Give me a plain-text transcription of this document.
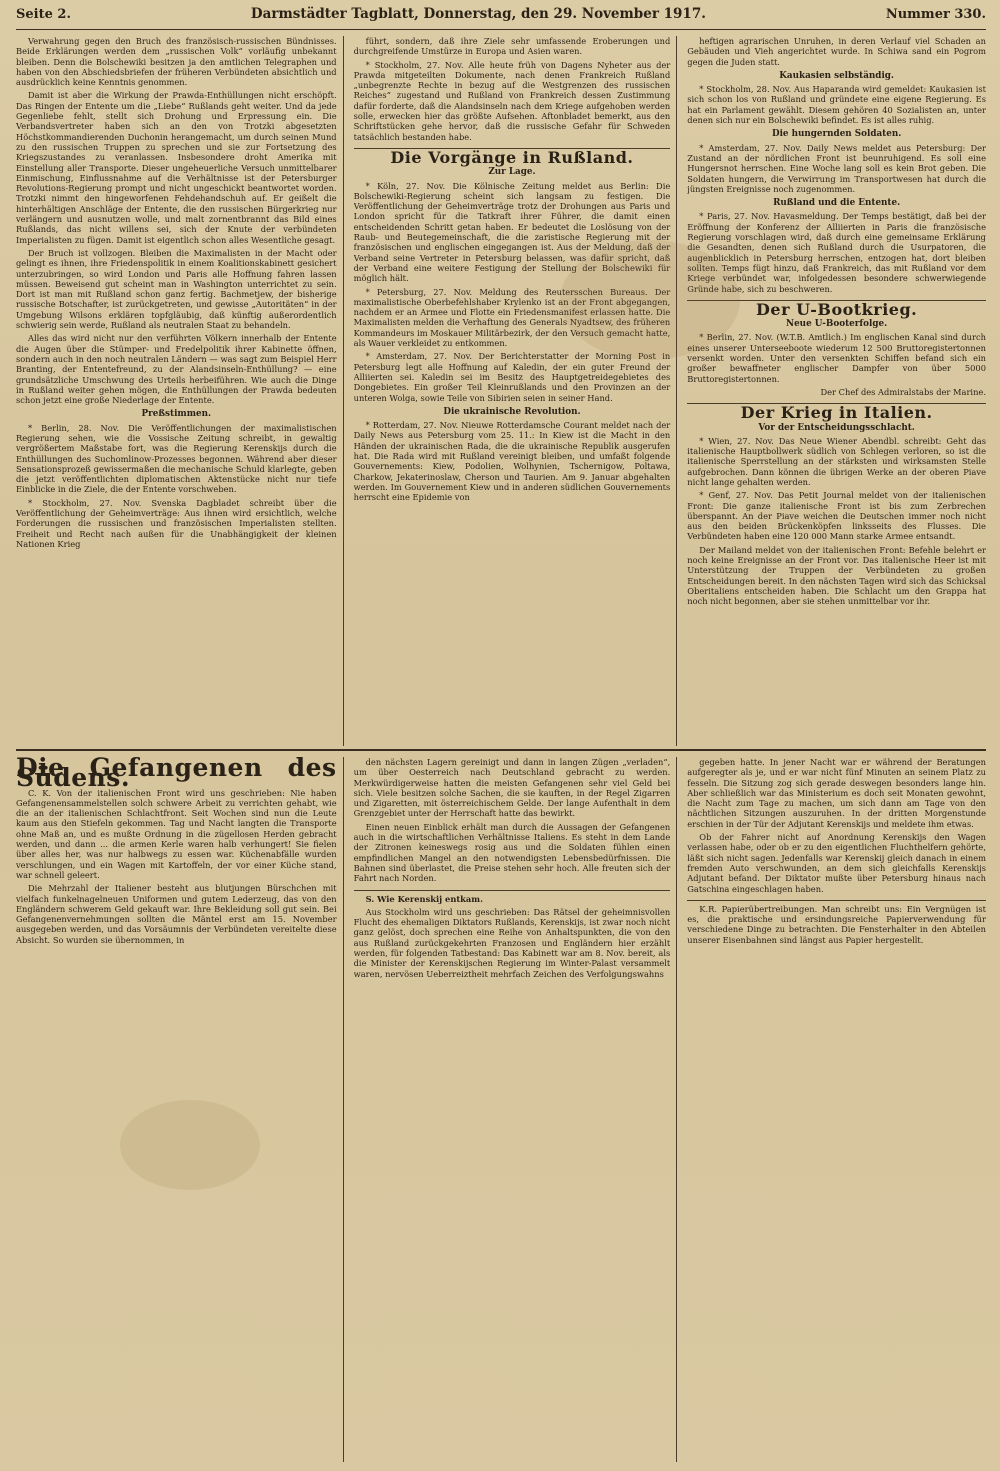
Seite 2.	Darmstädter Tagblatt, Donnerstag, den 29. November 1917.	Nummer 330.

Verwahrung gegen den Bruch des französisch-russischen Bündnisses. Beide Erklärungen werden dem „russischen Volk“ vorläufig unbekannt bleiben. Denn die Bolschewiki besitzen ja den amtlichen Telegraphen und haben von den Abschiedsbriefen der früheren Verbündeten absichtlich und ausdrücklich keine Kenntnis genommen.

Damit ist aber die Wirkung der Prawda-Enthüllungen nicht erschöpft. Das Ringen der Entente um die „Liebe“ Rußlands geht weiter. Und da jede Gegenliebe fehlt, stellt sich Drohung und Erpressung ein. Die Verbandsvertreter haben sich an den von Trotzki abgesetzten Höchstkommandierenden Duchonin herangemacht, um durch seinen Mund zu den russischen Truppen zu sprechen und sie zur Fortsetzung des Kriegszustandes zu veranlassen. Insbesondere droht Amerika mit Einstellung aller Transporte. Dieser ungeheuerliche Versuch unmittelbarer Einmischung, Einflussnahme auf die Verhältnisse ist der Petersburger Revolutions-Regierung prompt und nicht ungeschickt beantwortet worden. Trotzki nimmt den hingeworfenen Fehdehandschuh auf. Er geißelt die hinterhältigen Anschläge der Entente, die den russischen Bürgerkrieg nur verlängern und ausnutzen wolle, und malt zornentbrannt das Bild eines Rußlands, das nicht willens sei, sich der Knute der verbündeten Imperialisten zu fügen. Damit ist eigentlich schon alles Wesentliche gesagt.

Der Bruch ist vollzogen. Bleiben die Maximalisten in der Macht oder gelingt es ihnen, ihre Friedenspolitik in einem Koalitionskabinett gesichert unterzubringen, so wird London und Paris alle Hoffnung fahren lassen müssen. Beweisend gut scheint man in Washington unterrichtet zu sein. Dort ist man mit Rußland schon ganz fertig. Bachmetjew, der bisherige russische Botschafter, ist zurückgetreten, und gewisse „Autoritäten“ in der Umgebung Wilsons erklären topfgläubig, daß künftig außerordentlich schwierig sein werde, Rußland als neutralen Staat zu behandeln.

Alles das wird nicht nur den verführten Völkern innerhalb der Entente die Augen über die Stümper- und Fredelpolitik ihrer Kabinette öffnen, sondern auch in den noch neutralen Ländern — was sagt zum Beispiel Herr Branting, der Ententefreund, zu der Alandsinseln-Enthüllung? — eine grundsätzliche Umschwung des Urteils herbeiführen. Wie auch die Dinge in Rußland weiter gehen mögen, die Enthüllungen der Prawda bedeuten schon jetzt eine große Niederlage der Entente.

Preßstimmen.

* Berlin, 28. Nov. Die Veröffentlichungen der maximalistischen Regierung sehen, wie die Vossische Zeitung schreibt, in gewaltig vergrößertem Maßstabe fort, was die Regierung Kerenskijs durch die Enthüllungen des Suchomlinow-Prozesses begonnen. Während aber dieser Sensationsprozeß gewissermaßen die mechanische Schuld klarlegte, geben die jetzt veröffentlichten diplomatischen Aktenstücke nicht nur tiefe Einblicke in die Ziele, die der Entente vorschweben.

* Stockholm, 27. Nov. Svenska Dagbladet schreibt über die Veröffentlichung der Geheimverträge: Aus ihnen wird ersichtlich, welche Forderungen die russischen und französischen Imperialisten stellten. Freiheit und Recht nach außen für die Unabhängigkeit der kleinen Nationen Krieg

führt, sondern, daß ihre Ziele sehr umfassende Eroberungen und durchgreifende Umstürze in Europa und Asien waren.

* Stockholm, 27. Nov. Alle heute früh von Dagens Nyheter aus der Prawda mitgeteilten Dokumente, nach denen Frankreich Rußland „unbegrenzte Rechte in bezug auf die Westgrenzen des russischen Reiches“ zugestand und Rußland von Frankreich dessen Zustimmung dafür forderte, daß die Alandsinseln nach dem Kriege aufgehoben werden solle, erwecken hier das größte Aufsehen. Aftonbladet bemerkt, aus den Schriftstücken gehe hervor, daß die russische Gefahr für Schweden tatsächlich bestanden habe.

Die Vorgänge in Rußland.
Zur Lage.

* Köln, 27. Nov. Die Kölnische Zeitung meldet aus Berlin: Die Bolschewiki-Regierung scheint sich langsam zu festigen. Die Veröffentlichung der Geheimverträge trotz der Drohungen aus Paris und London spricht für die Tatkraft ihrer Führer, die damit einen entscheidenden Schritt getan haben. Er bedeutet die Loslösung von der Raub- und Beutegemeinschaft, die die zaristische Regierung mit der französischen und englischen eingegangen ist. Aus der Meldung, daß der Verband seine Vertreter in Petersburg belassen, was dafür spricht, daß der Verband eine weitere Festigung der Stellung der Bolschewiki für möglich hält.

* Petersburg, 27. Nov. Meldung des Reutersschen Bureaus. Der maximalistische Oberbefehlshaber Krylenko ist an der Front abgegangen, nachdem er an Armee und Flotte ein Friedensmanifest erlassen hatte. Die Maximalisten melden die Verhaftung des Generals Nyadtsew, des früheren Kommandeurs im Moskauer Militärbezirk, der den Versuch gemacht hatte, als Wauer verkleidet zu entkommen.

* Amsterdam, 27. Nov. Der Berichterstatter der Morning Post in Petersburg legt alle Hoffnung auf Kaledin, der ein guter Freund der Alliierten sei. Kaledin sei im Besitz des Hauptgetreidegebietes des Dongebietes. Ein großer Teil Kleinrußlands und den Provinzen an der unteren Wolga, sowie Teile von Sibirien seien in seiner Hand.

Die ukrainische Revolution.

* Rotterdam, 27. Nov. Nieuwe Rotterdamsche Courant meldet nach der Daily News aus Petersburg vom 25. 11.: In Kiew ist die Macht in den Händen der ukrainischen Rada, die die ukrainische Republik ausgerufen hat. Die Rada wird mit Rußland vereinigt bleiben, und umfaßt folgende Gouvernements: Kiew, Podolien, Wolhynien, Tschernigow, Poltawa, Charkow, Jekaterinoslaw, Cherson und Taurien. Am 9. Januar abgehalten werden. Im Gouvernement Kiew und in anderen südlichen Gouvernements herrscht eine Epidemie von

heftigen agrarischen Unruhen, in deren Verlauf viel Schaden an Gebäuden und Vieh angerichtet wurde. In Schiwa sand ein Pogrom gegen die Juden statt.

Kaukasien selbständig.

* Stockholm, 28. Nov. Aus Haparanda wird gemeldet: Kaukasien ist sich schon los von Rußland und gründete eine eigene Regierung. Es hat ein Parlament gewählt. Diesem gehören 40 Sozialisten an, unter denen sich nur ein Bolschewiki befindet. Es ist alles ruhig.

Die hungernden Soldaten.

* Amsterdam, 27. Nov. Daily News meldet aus Petersburg: Der Zustand an der nördlichen Front ist beunruhigend. Es soll eine Hungersnot herrschen. Eine Woche lang soll es kein Brot geben. Die Soldaten hungern, die Verwirrung im Transportwesen hat durch die jüngsten Ereignisse noch zugenommen.

Rußland und die Entente.

* Paris, 27. Nov. Havasmeldung. Der Temps bestätigt, daß bei der Eröffnung der Konferenz der Alliierten in Paris die französische Regierung vorschlagen wird, daß durch eine gemeinsame Erklärung die Gesandten, denen sich Rußland durch die Usurpatoren, die augenblicklich in Petersburg herrschen, entzogen hat, dort bleiben sollten. Temps fügt hinzu, daß Frankreich, das mit Rußland vor dem Kriege verbündet war, infolgedessen besondere schwerwiegende Gründe habe, sich zu beschweren.

Der U-Bootkrieg.
Neue U-Booterfolge.

* Berlin, 27. Nov. (W.T.B. Amtlich.) Im englischen Kanal sind durch eines unserer Unterseeboote wiederum 12 500 Bruttoregistertonnen versenkt worden. Unter den versenkten Schiffen befand sich ein großer bewaffneter englischer Dampfer von über 5000 Bruttoregistertonnen.

Der Chef des Admiralstabs der Marine.

Der Krieg in Italien.
Vor der Entscheidungsschlacht.

* Wien, 27. Nov. Das Neue Wiener Abendbl. schreibt: Geht das italienische Hauptbollwerk südlich von Schlegen verloren, so ist die italienische Sperrstellung an der stärksten und wirksamsten Stelle aufgebrochen. Dann können die übrigen Werke an der oberen Piave nicht lange gehalten werden.

* Genf, 27. Nov. Das Petit Journal meldet von der italienischen Front: Die ganze italienische Front ist bis zum Zerbrechen überspannt. An der Piave weichen die Deutschen immer noch nicht aus den beiden Brückenköpfen linksseits des Flusses. Die Verbündeten haben eine 120 000 Mann starke Armee entsandt.

Der Mailand meldet von der italienischen Front: Befehle belehrt er noch keine Ereignisse an der Front vor. Das italienische Heer ist mit Unterstützung der Truppen der Verbündeten zu großen Entscheidungen bereit. In den nächsten Tagen wird sich das Schicksal Oberitaliens entscheiden haben. Die Schlacht um den Grappa hat noch nicht begonnen, aber sie stehen unmittelbar vor ihr.

Die Gefangenen des Südens.

C. K. Von der italienischen Front wird uns geschrieben: Nie haben Gefangenensammelstellen solch schwere Arbeit zu verrichten gehabt, wie die an der italienischen Schlachtfront. Seit Wochen sind nun die Leute kaum aus den Stiefeln gekommen. Tag und Nacht langten die Transporte ohne Maß an, und es mußte Ordnung in die zügellosen Herden gebracht werden, und dann ... die armen Kerle waren halb verhungert! Sie fielen über alles her, was nur halbwegs zu essen war. Küchenabfälle wurden verschlungen, und ein Wagen mit Kartoffeln, der vor einer Küche stand, war schnell geleert.

Die Mehrzahl der Italiener besteht aus blutjungen Bürschchen mit vielfach funkelnagelneuen Uniformen und gutem Lederzeug, das von den Engländern schwerem Geld gekauft war. Ihre Bekleidung soll gut sein. Bei Gefangenenvernehmungen sollten die Mäntel erst am 15. November ausgegeben werden, und das Vorsäumnis der Verbündeten vereitelte diese Absicht. So wurden sie übernommen, in

den nächsten Lagern gereinigt und dann in langen Zügen „verladen“, um über Oesterreich nach Deutschland gebracht zu werden. Merkwürdigerweise hatten die meisten Gefangenen sehr viel Geld bei sich. Viele besitzen solche Sachen, die sie kauften, in der Regel Zigarren und Zigaretten, mit österreichischem Gelde. Der lange Aufenthalt in dem Grenzgebiet unter der Herrschaft hatte das bewirkt.

Einen neuen Einblick erhält man durch die Aussagen der Gefangenen auch in die wirtschaftlichen Verhältnisse Italiens. Es steht in dem Lande der Zitronen keineswegs rosig aus und die Soldaten fühlen einen empfindlichen Mangel an den notwendigsten Lebensbedürfnissen. Die Bahnen sind überlastet, die Preise stehen sehr hoch. Alle freuten sich der Fahrt nach Norden.

S. Wie Kerenskij entkam.

Aus Stockholm wird uns geschrieben: Das Rätsel der geheimnisvollen Flucht des ehemaligen Diktators Rußlands, Kerenskijs, ist zwar noch nicht ganz gelöst, doch sprechen eine Reihe von Anhaltspunkten, die von den aus Rußland zurückgekehrten Franzosen und Engländern hier erzählt werden, für folgenden Tatbestand: Das Kabinett war am 8. Nov. bereit, als die Minister der Kerenskijschen Regierung im Winter-Palast versammelt waren, nervösen Ueberreiztheit mehrfach Zeichen des Verfolgungswahns

gegeben hatte. In jener Nacht war er während der Beratungen aufgeregter als je, und er war nicht fünf Minuten an seinem Platz zu fesseln. Die Sitzung zog sich gerade deswegen besonders lange hin. Aber schließlich war das Ministerium es doch seit Monaten gewohnt, die Nacht zum Tage zu machen, um sich dann am Tage von den nächtlichen Sitzungen auszuruhen. In der dritten Morgenstunde erschien in der Tür der Adjutant Kerenskijs und meldete ihm etwas.

Ob der Fahrer nicht auf Anordnung Kerenskijs den Wagen verlassen habe, oder ob er zu den eigentlichen Fluchthelfern gehörte, läßt sich nicht sagen. Jedenfalls war Kerenskij gleich danach in einem fremden Auto verschwunden, an dem sich gleichfalls Kerenskijs Adjutant befand. Der Diktator mußte über Petersburg hinaus nach Gatschina eingeschlagen haben.

K.R. Papierübertreibungen. Man schreibt uns: Ein Vergnügen ist es, die praktische und ersindungsreiche Papierverwendung für verschiedene Dinge zu betrachten. Die Fensterhalter in den Abteilen unserer Eisenbahnen sind längst aus Papier hergestellt.
